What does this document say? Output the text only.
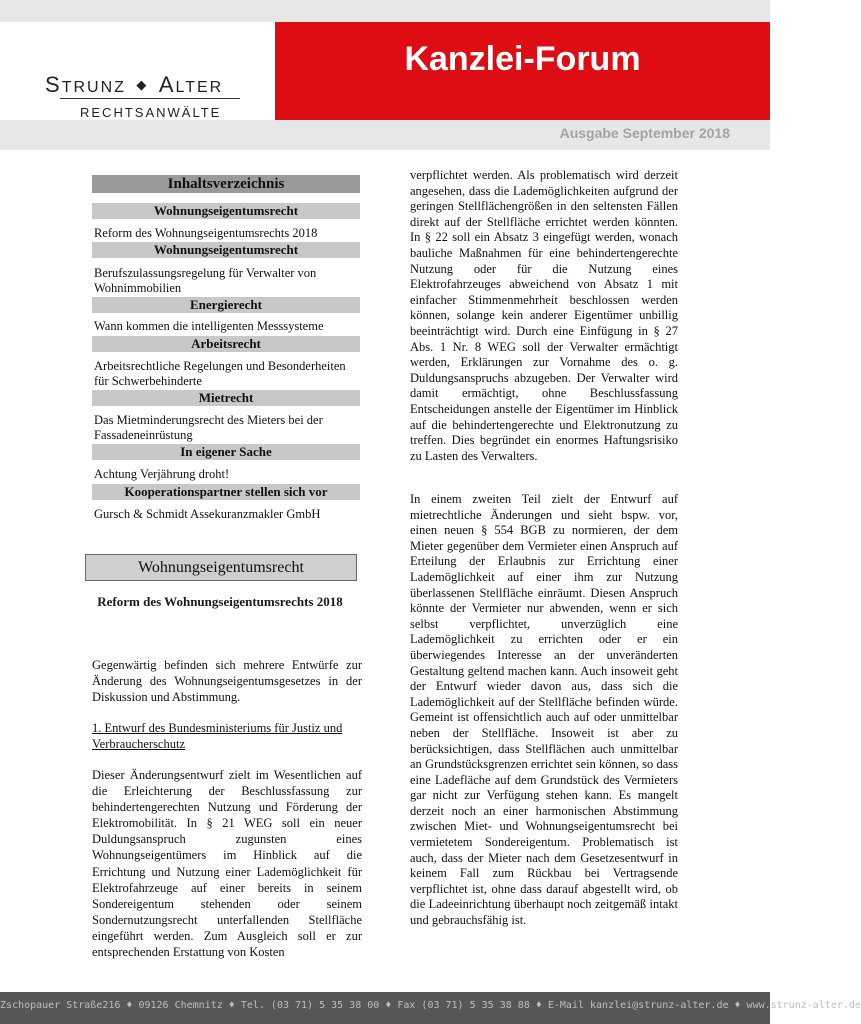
STRUNZ ◆ ALTER
RECHTSANWÄLTE
Kanzlei-Forum
Ausgabe September 2018
Inhaltsverzeichnis
Wohnungseigentumsrecht
Reform des Wohnungseigentumsrechts 2018
Wohnungseigentumsrecht
Berufszulassungsregelung für Verwalter von Wohnimmobilien
Energierecht
Wann kommen die intelligenten Messsysteme
Arbeitsrecht
Arbeitsrechtliche Regelungen und Besonderheiten für Schwerbehinderte
Mietrecht
Das Mietminderungsrecht des Mieters bei der Fassadeneinrüstung
In eigener Sache
Achtung Verjährung droht!
Kooperationspartner stellen sich vor
Gursch & Schmidt Assekuranzmakler GmbH
Wohnungseigentumsrecht
Reform des Wohnungseigentumsrechts 2018
Gegenwärtig befinden sich mehrere Entwürfe zur Änderung des Wohnungseigentumsgesetzes in der Diskussion und Abstimmung.
1. Entwurf des Bundesministeriums für Justiz und Verbraucherschutz
Dieser Änderungsentwurf zielt im Wesentlichen auf die Erleichterung der Beschlussfassung zur behindertengerechten Nutzung und Förderung der Elektromobilität. In § 21 WEG soll ein neuer Duldungsanspruch zugunsten eines Wohnungseigentümers im Hinblick auf die Errichtung und Nutzung einer Lademöglichkeit für Elektrofahrzeuge auf einer bereits in seinem Sondereigentum stehenden oder seinem Sondernutzungsrecht unterfallenden Stellfläche eingeführt werden. Zum Ausgleich soll er zur entsprechenden Erstattung von Kosten
verpflichtet werden. Als problematisch wird derzeit angesehen, dass die Lademöglichkeiten aufgrund der geringen Stellflächengrößen in den seltensten Fällen direkt auf der Stellfläche errichtet werden könnten. In § 22 soll ein Absatz 3 eingefügt werden, wonach bauliche Maßnahmen für eine behindertengerechte Nutzung oder für die Nutzung eines Elektrofahrzeuges abweichend von Absatz 1 mit einfacher Stimmenmehrheit beschlossen werden können, solange kein anderer Eigentümer unbillig beeinträchtigt wird. Durch eine Einfügung in § 27 Abs. 1 Nr. 8 WEG soll der Verwalter ermächtigt werden, Erklärungen zur Vornahme des o. g. Duldungsanspruchs abzugeben. Der Verwalter wird damit ermächtigt, ohne Beschlussfassung Entscheidungen anstelle der Eigentümer im Hinblick auf die behindertengerechte und Elektronutzung zu treffen. Dies begründet ein enormes Haftungsrisiko zu Lasten des Verwalters.
In einem zweiten Teil zielt der Entwurf auf mietrechtliche Änderungen und sieht bspw. vor, einen neuen § 554 BGB zu normieren, der dem Mieter gegenüber dem Vermieter einen Anspruch auf Erteilung der Erlaubnis zur Errichtung einer Lademöglichkeit auf einer ihm zur Nutzung überlassenen Stellfläche einräumt. Diesen Anspruch könnte der Vermieter nur abwenden, wenn er sich selbst verpflichtet, unverzüglich eine Lademöglichkeit zu errichten oder er ein überwiegendes Interesse an der unveränderten Gestaltung geltend machen kann. Auch insoweit geht der Entwurf wieder davon aus, dass sich die Lademöglichkeit auf der Stellfläche befinden würde. Gemeint ist offensichtlich auch auf oder unmittelbar neben der Stellfläche. Insoweit ist aber zu berücksichtigen, dass Stellflächen auch unmittelbar an Grundstücksgrenzen errichtet sein können, so dass eine Ladefläche auf dem Grundstück des Vermieters gar nicht zur Verfügung stehen kann. Es mangelt derzeit noch an einer harmonischen Abstimmung zwischen Miet- und Wohnungseigentumsrecht bei vermietetem Sondereigentum. Problematisch ist auch, dass der Mieter nach dem Gesetzesentwurf in keinem Fall zum Rückbau bei Vertragsende verpflichtet ist, ohne dass darauf abgestellt wird, ob die Ladeeinrichtung überhaupt noch zeitgemäß intakt und gebrauchsfähig ist.
Zschopauer Straße216 ♦ 09126 Chemnitz ♦ Tel. (03 71) 5 35 38 00 ♦ Fax (03 71) 5 35 38 88 ♦ E-Mail kanzlei@strunz-alter.de ♦ www.strunz-alter.de
